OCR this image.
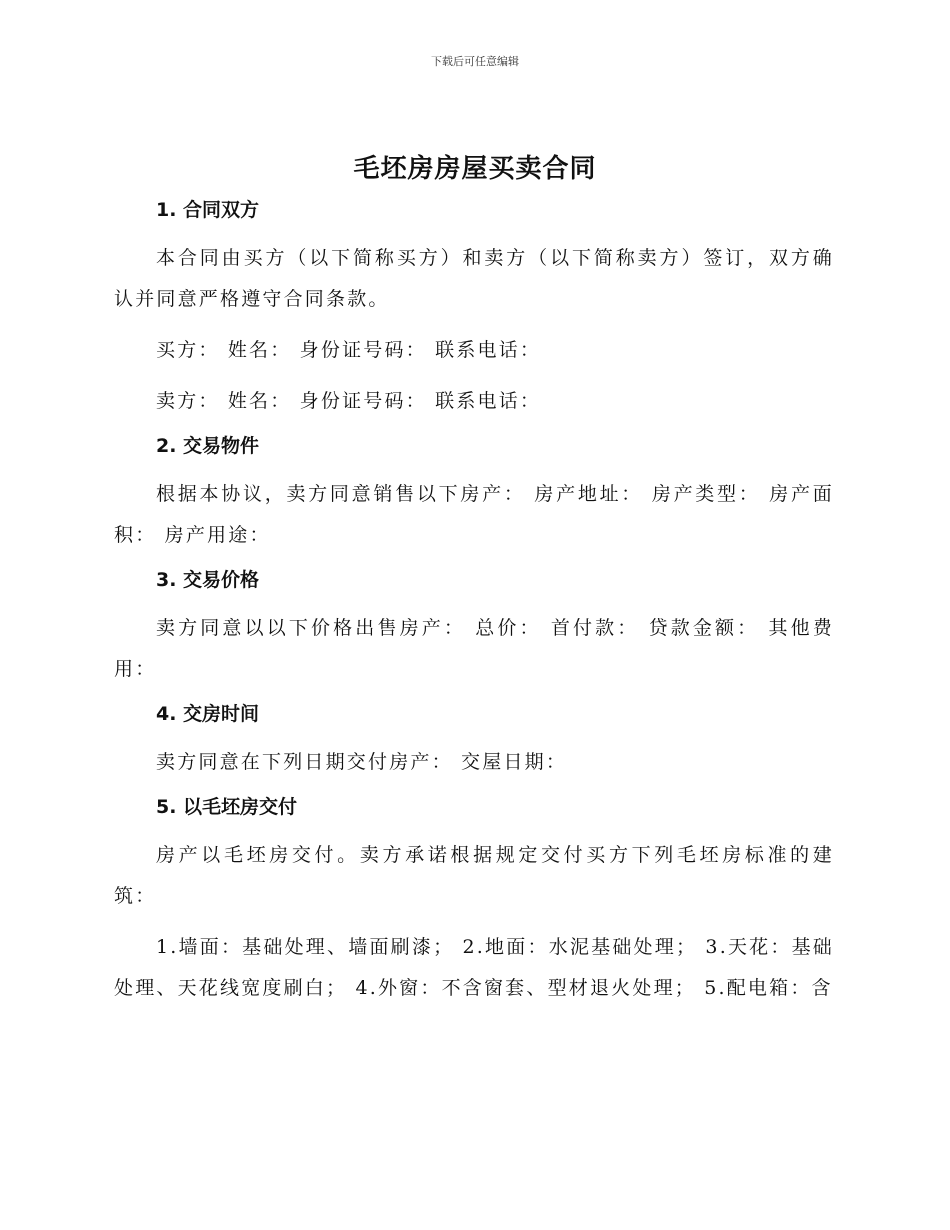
下载后可任意编辑
毛坯房房屋买卖合同
1. 合同双方

本合同由买方（以下简称买方）和卖方（以下简称卖方）签订，双方确认并同意严格遵守合同条款。

买方： 姓名： 身份证号码： 联系电话：

卖方： 姓名： 身份证号码： 联系电话：

2. 交易物件

根据本协议，卖方同意销售以下房产： 房产地址： 房产类型： 房产面积： 房产用途：

3. 交易价格

卖方同意以以下价格出售房产： 总价： 首付款： 贷款金额： 其他费用：

4. 交房时间

卖方同意在下列日期交付房产： 交屋日期：

5. 以毛坯房交付

房产以毛坯房交付。卖方承诺根据规定交付买方下列毛坯房标准的建筑：

1.墙面：基础处理、墙面刷漆； 2.地面：水泥基础处理； 3.天花：基础处理、天花线宽度刷白； 4.外窗：不含窗套、型材退火处理； 5.配电箱：含
